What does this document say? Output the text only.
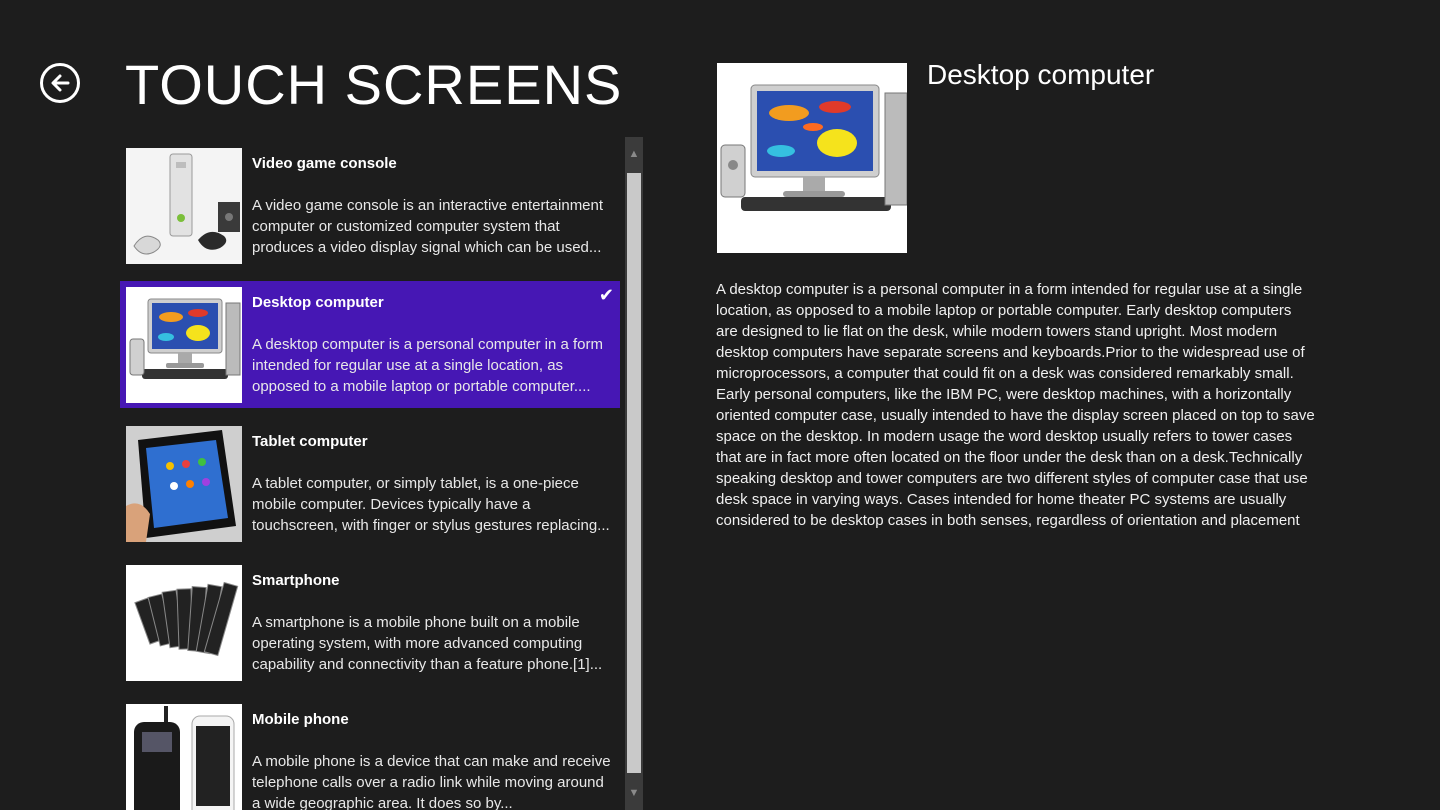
TOUCH SCREENS
Video game console
A video game console is an interactive entertainment computer or customized computer system that produces a video display signal which can be used...
Desktop computer
A desktop computer is a personal computer in a form intended for regular use at a single location, as opposed to a mobile laptop or portable computer....
✔
Tablet computer
A tablet computer, or simply tablet, is a one-piece mobile computer. Devices typically have a touchscreen, with finger or stylus gestures replacing...
Smartphone
A smartphone is a mobile phone built on a mobile operating system, with more advanced computing capability and connectivity than a feature phone.[1]...
Mobile phone
A mobile phone is a device that can make and receive telephone calls over a radio link while moving around a wide geographic area. It does so by...
▲
▼
Desktop computer
A desktop computer is a personal computer in a form intended for regular use at a single location, as opposed to a mobile laptop or portable computer. Early desktop computers are designed to lie flat on the desk, while modern towers stand upright. Most modern desktop computers have separate screens and keyboards.Prior to the widespread use of microprocessors, a computer that could fit on a desk was considered remarkably small. Early personal computers, like the IBM PC, were desktop machines, with a horizontally oriented computer case, usually intended to have the display screen placed on top to save space on the desktop. In modern usage the word desktop usually refers to tower cases that are in fact more often located on the floor under the desk than on a desk.Technically speaking desktop and tower computers are two different styles of computer case that use desk space in varying ways. Cases intended for home theater PC systems are usually considered to be desktop cases in both senses, regardless of orientation and placement
